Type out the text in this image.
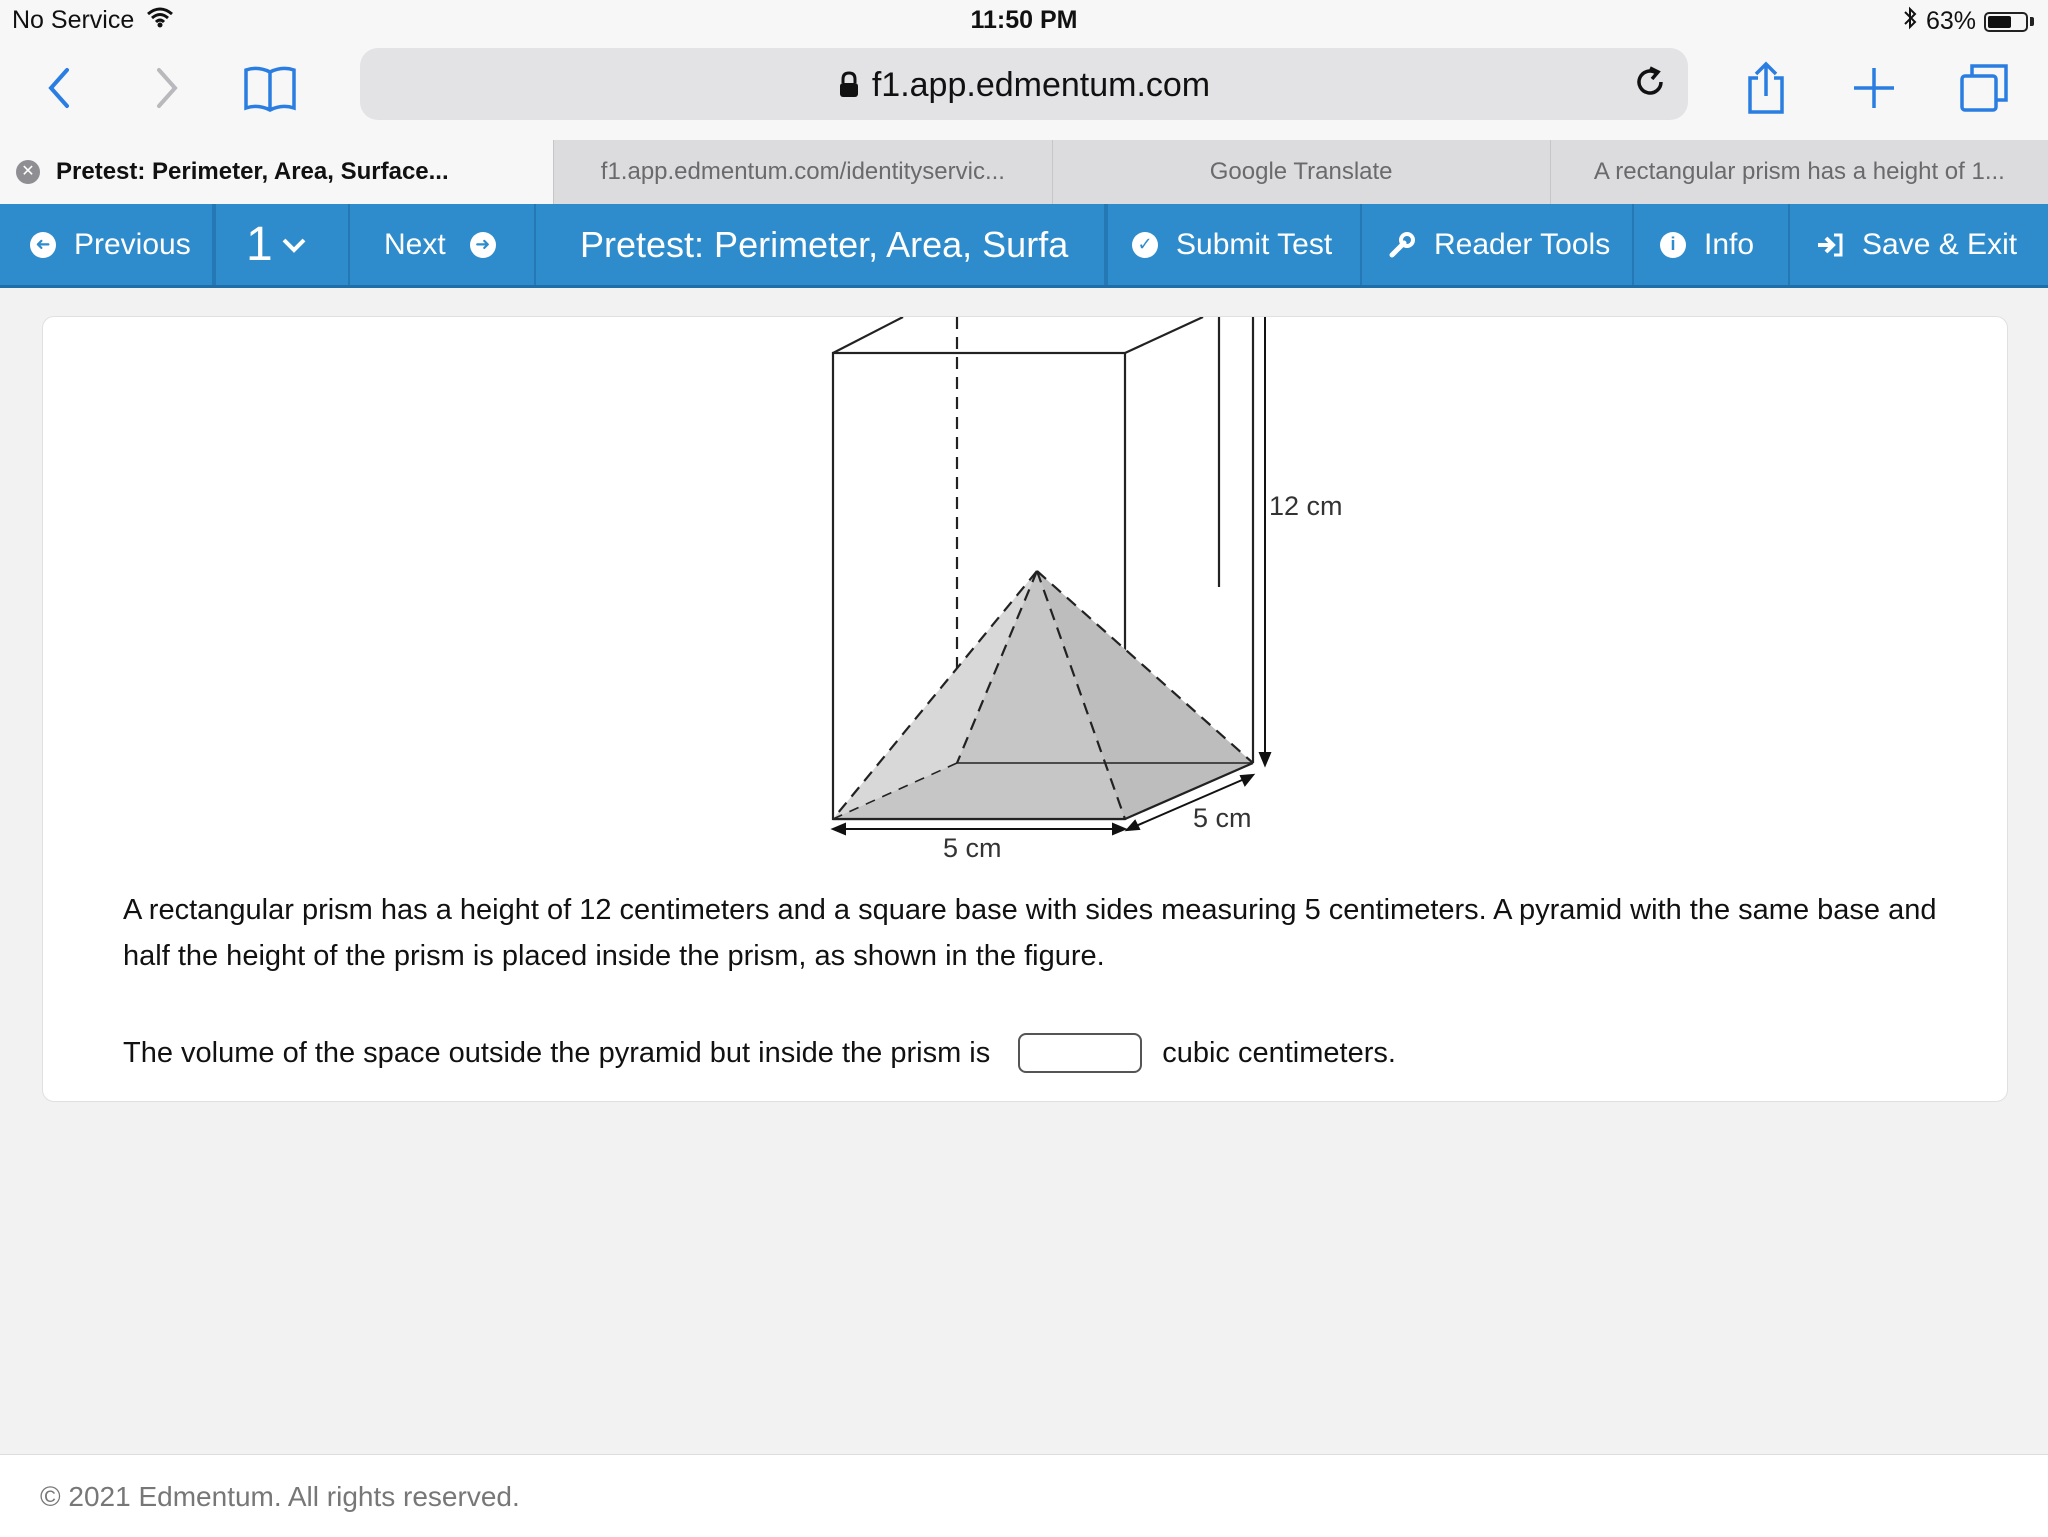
No Service	11:50 PM	63%
f1.app.edmentum.com
✕ Pretest: Perimeter, Area, Surface...	f1.app.edmentum.com/identityservic...	Google Translate	A rectangular prism has a height of 1...
➜ Previous 1	Next	➜	Pretest: Perimeter, Area, Surfa	✓ Submit Test	Reader Tools	i Info	Save & Exit
12 cm
5 cm
5 cm
A rectangular prism has a height of 12 centimeters and a square base with sides measuring 5 centimeters. A pyramid with the same base and half the height of the prism is placed inside the prism, as shown in the figure.
The volume of the space outside the pyramid but inside the prism is	cubic centimeters.
© 2021 Edmentum. All rights reserved.
